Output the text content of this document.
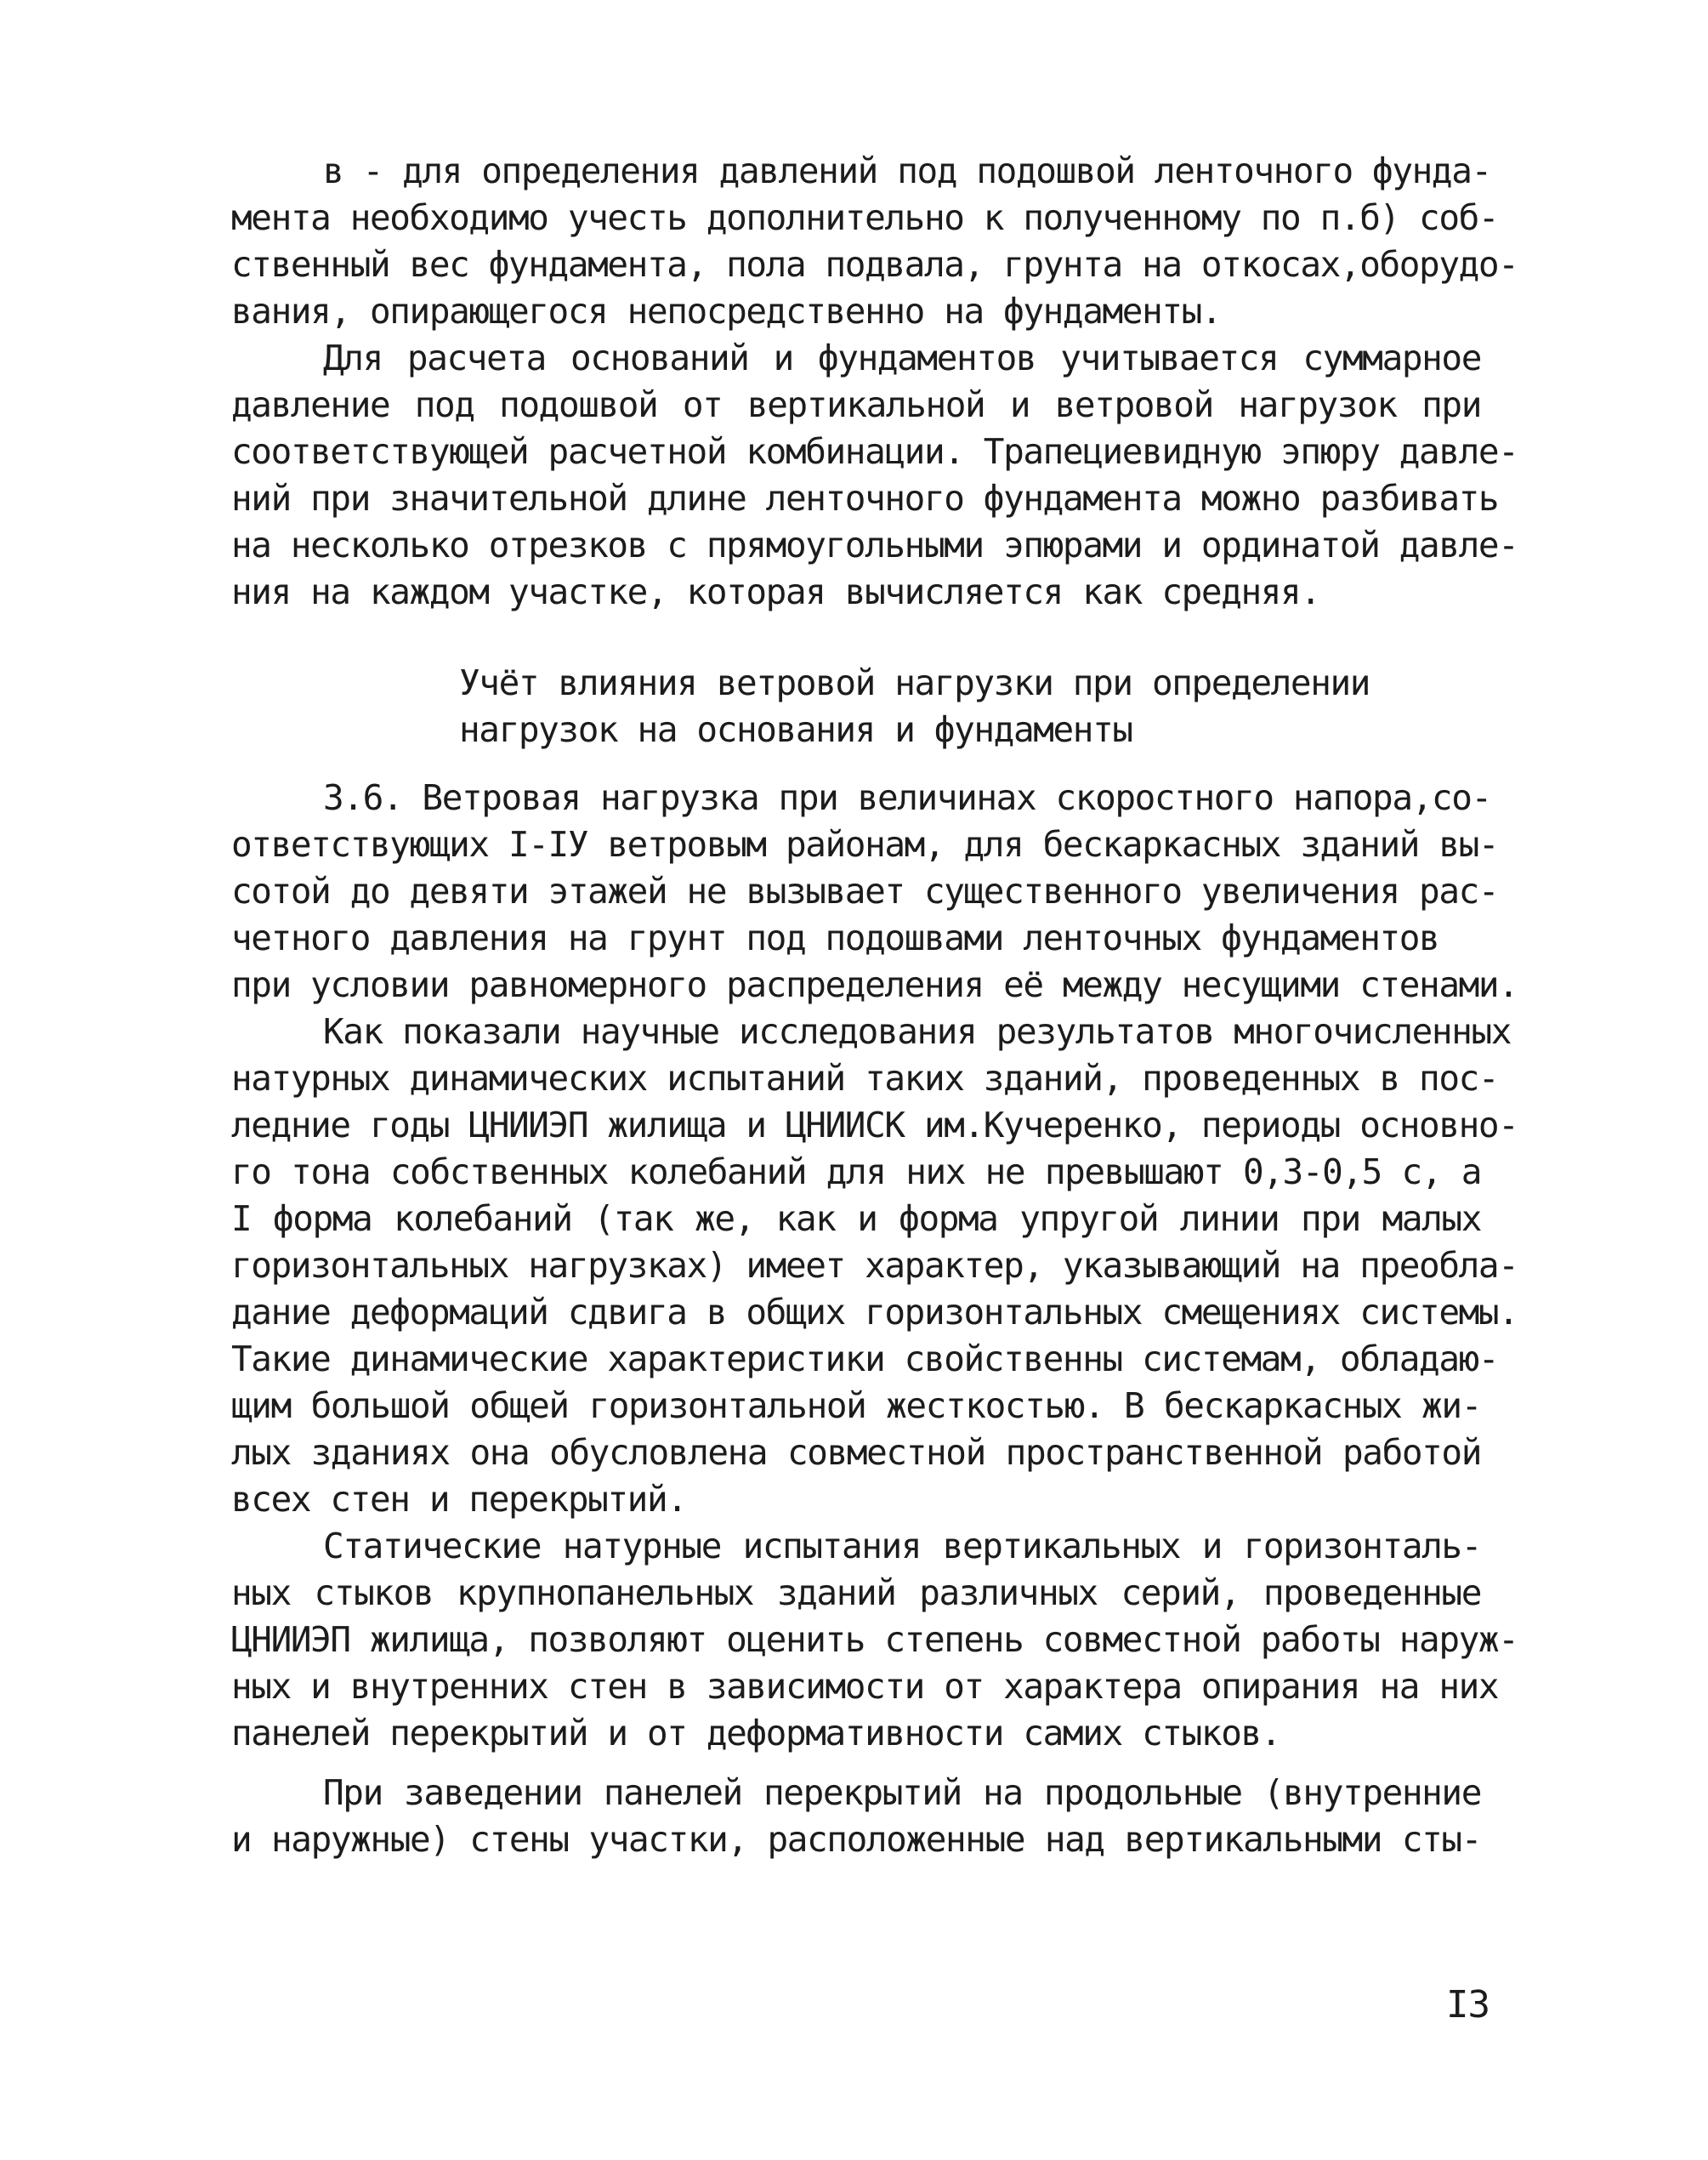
в - для определения давлений под подошвой ленточного фунда-
мента необходимо учесть дополнительно к полученному по п.б) соб-
ственный вес фундамента, пола подвала, грунта на откосах,оборудо-
вания, опирающегося непосредственно на фундаменты.
Для расчета оснований и фундаментов учитывается суммарное
давление под подошвой от вертикальной и ветровой нагрузок при
соответствующей расчетной комбинации. Трапециевидную эпюру давле-
ний при значительной длине ленточного фундамента можно разбивать
на несколько отрезков с прямоугольными эпюрами и ординатой давле-
ния на каждом участке, которая вычисляется как средняя.
Учёт влияния ветровой нагрузки при определении
нагрузок на основания и фундаменты
3.6. Ветровая нагрузка при величинах скоростного напора,со-
ответствующих I-IУ ветровым районам, для бескаркасных зданий вы-
сотой до девяти этажей не вызывает существенного увеличения рас-
четного давления на грунт под подошвами ленточных фундаментов
при условии равномерного распределения её между несущими стенами.
Как показали научные исследования результатов многочисленных
натурных динамических испытаний таких зданий, проведенных в пос-
ледние годы ЦНИИЭП жилища и ЦНИИСК им.Кучеренко, периоды основно-
го тона собственных колебаний для них не превышают 0,3-0,5 с, а
I форма колебаний (так же, как и форма упругой линии при малых
горизонтальных нагрузках) имеет характер, указывающий на преобла-
дание деформаций сдвига в общих горизонтальных смещениях системы.
Такие динамические характеристики свойственны системам, обладаю-
щим большой общей горизонтальной жесткостью. В бескаркасных жи-
лых зданиях она обусловлена совместной пространственной работой
всех стен и перекрытий.
Статические натурные испытания вертикальных и горизонталь-
ных стыков крупнопанельных зданий различных серий, проведенные
ЦНИИЭП жилища, позволяют оценить степень совместной работы наруж-
ных и внутренних стен в зависимости от характера опирания на них
панелей перекрытий и от деформативности самих стыков.
При заведении панелей перекрытий на продольные (внутренние
и наружные) стены участки, расположенные над вертикальными сты-
I3
